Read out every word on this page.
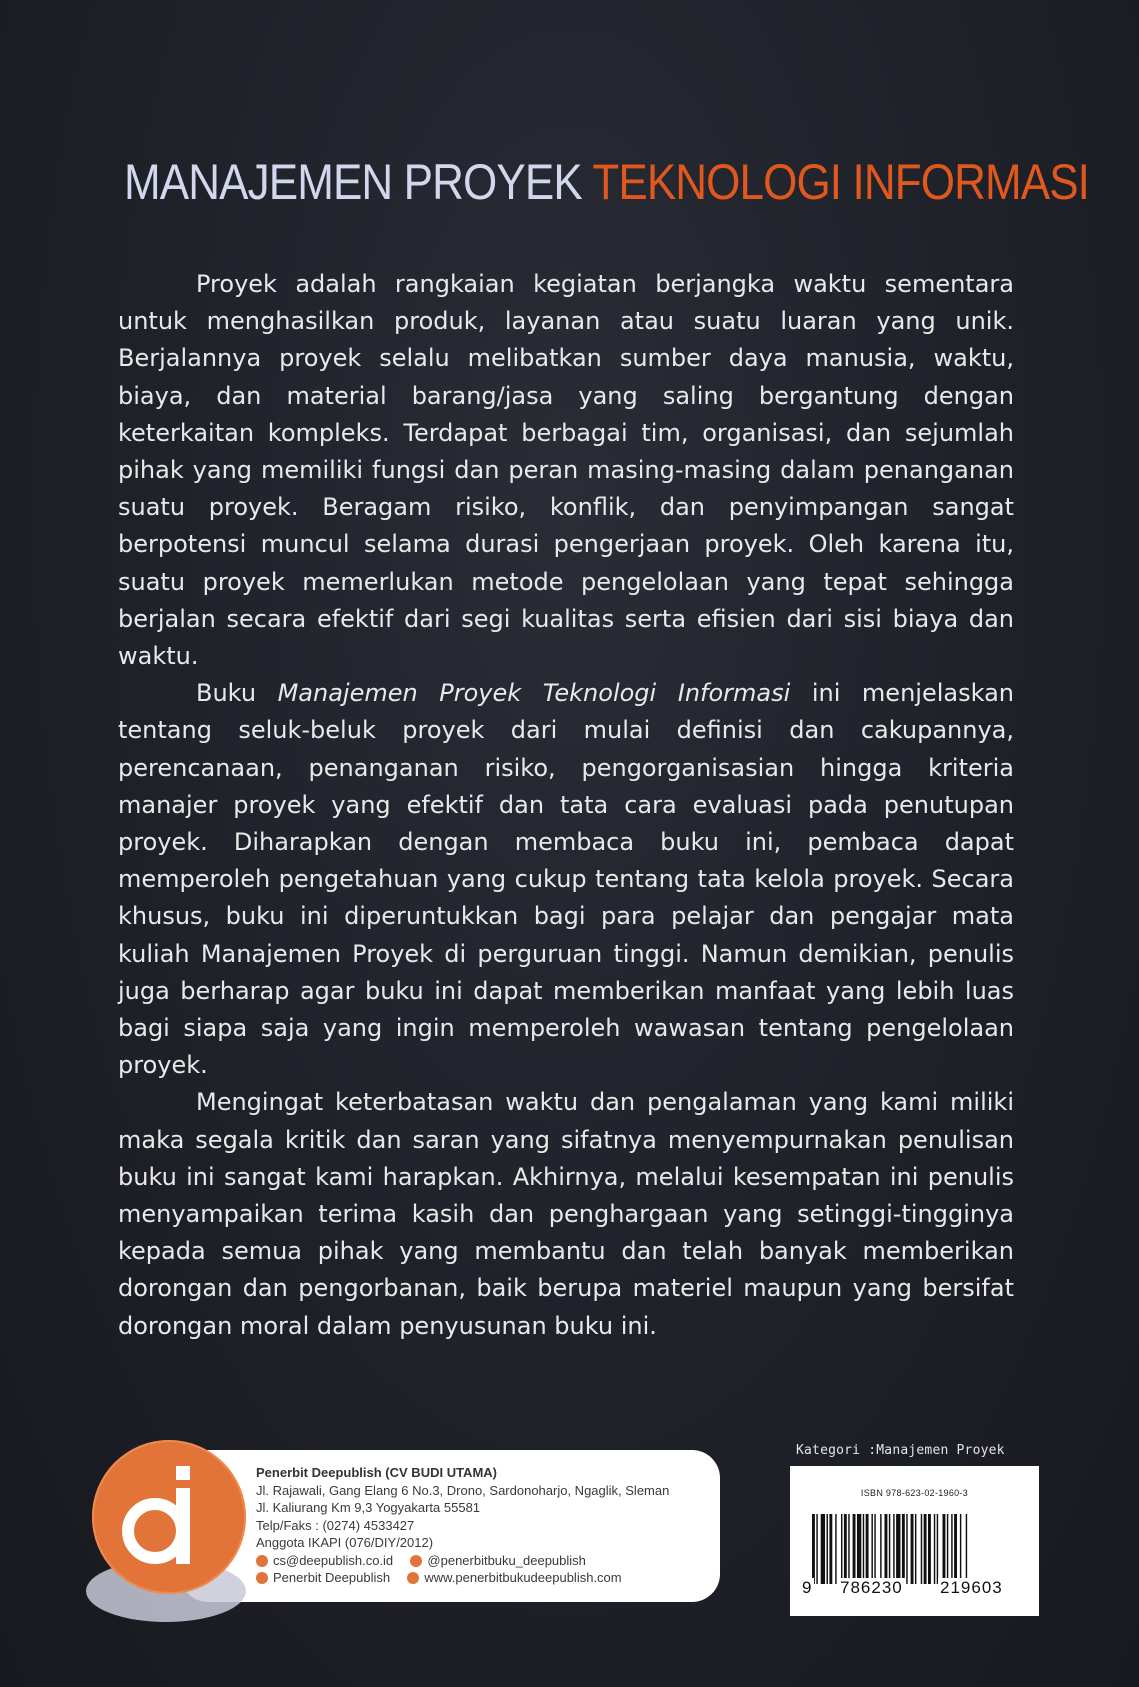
MANAJEMEN PROYEK TEKNOLOGI INFORMASI

Proyek adalah rangkaian kegiatan berjangka waktu sementara untuk menghasilkan produk, layanan atau suatu luaran yang unik. Berjalannya proyek selalu melibatkan sumber daya manusia, waktu, biaya, dan material barang/jasa yang saling bergantung dengan keterkaitan kompleks. Terdapat berbagai tim, organisasi, dan sejumlah pihak yang memiliki fungsi dan peran masing-masing dalam penanganan suatu proyek. Beragam risiko, konflik, dan penyimpangan sangat berpotensi muncul selama durasi pengerjaan proyek. Oleh karena itu, suatu proyek memerlukan metode pengelolaan yang tepat sehingga berjalan secara efektif dari segi kualitas serta efisien dari sisi biaya dan waktu.

Buku Manajemen Proyek Teknologi Informasi ini menjelaskan tentang seluk-beluk proyek dari mulai definisi dan cakupannya, perencanaan, penanganan risiko, pengorganisasian hingga kriteria manajer proyek yang efektif dan tata cara evaluasi pada penutupan proyek. Diharapkan dengan membaca buku ini, pembaca dapat memperoleh pengetahuan yang cukup tentang tata kelola proyek. Secara khusus, buku ini diperuntukkan bagi para pelajar dan pengajar mata kuliah Manajemen Proyek di perguruan tinggi. Namun demikian, penulis juga berharap agar buku ini dapat memberikan manfaat yang lebih luas bagi siapa saja yang ingin memperoleh wawasan tentang pengelolaan proyek.

Mengingat keterbatasan waktu dan pengalaman yang kami miliki maka segala kritik dan saran yang sifatnya menyempurnakan penulisan buku ini sangat kami harapkan. Akhirnya, melalui kesempatan ini penulis menyampaikan terima kasih dan penghargaan yang setinggi-tingginya kepada semua pihak yang membantu dan telah banyak memberikan dorongan dan pengorbanan, baik berupa materiel maupun yang bersifat dorongan moral dalam penyusunan buku ini.

Penerbit Deepublish (CV BUDI UTAMA)
Jl. Rajawali, Gang Elang 6 No.3, Drono, Sardonoharjo, Ngaglik, Sleman
Jl. Kaliurang Km 9,3 Yogyakarta 55581
Telp/Faks : (0274) 4533427
Anggota IKAPI (076/DIY/2012)
cs@deepublish.co.id	@penerbitbuku_deepublish
Penerbit Deepublish	www.penerbitbukudeepublish.com
Kategori :Manajemen Proyek
ISBN 978-623-02-1960-3
9 786230 219603
